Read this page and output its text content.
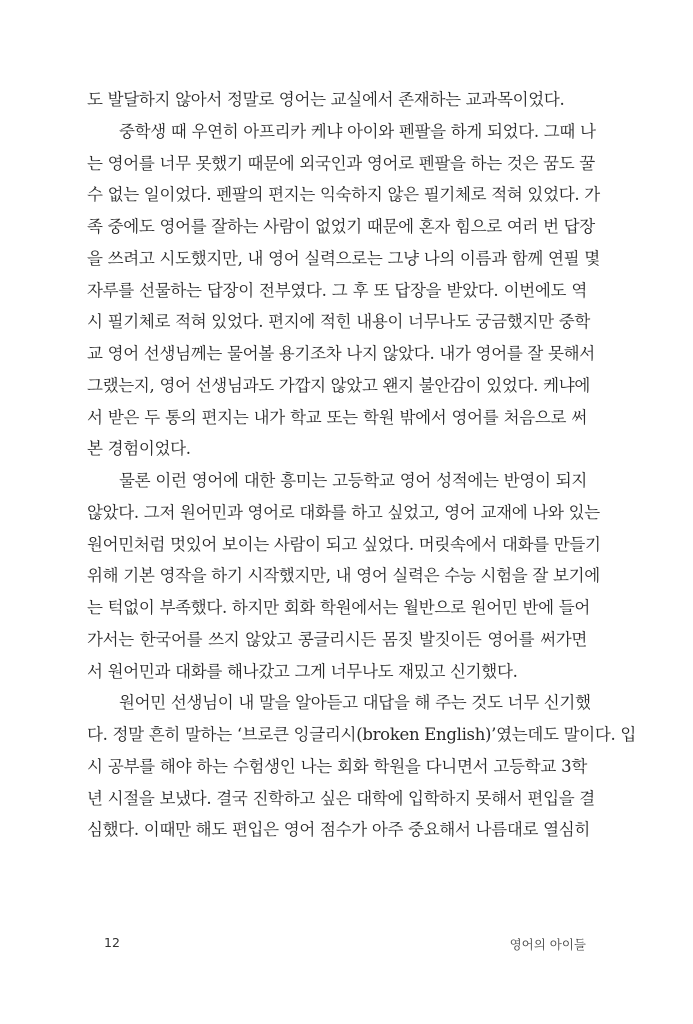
도 발달하지 않아서 정말로 영어는 교실에서 존재하는 교과목이었다.
중학생 때 우연히 아프리카 케냐 아이와 펜팔을 하게 되었다. 그때 나
는 영어를 너무 못했기 때문에 외국인과 영어로 펜팔을 하는 것은 꿈도 꿀
수 없는 일이었다. 펜팔의 편지는 익숙하지 않은 필기체로 적혀 있었다. 가
족 중에도 영어를 잘하는 사람이 없었기 때문에 혼자 힘으로 여러 번 답장
을 쓰려고 시도했지만, 내 영어 실력으로는 그냥 나의 이름과 함께 연필 몇
자루를 선물하는 답장이 전부였다. 그 후 또 답장을 받았다. 이번에도 역
시 필기체로 적혀 있었다. 편지에 적힌 내용이 너무나도 궁금했지만 중학
교 영어 선생님께는 물어볼 용기조차 나지 않았다. 내가 영어를 잘 못해서
그랬는지, 영어 선생님과도 가깝지 않았고 왠지 불안감이 있었다. 케냐에
서 받은 두 통의 편지는 내가 학교 또는 학원 밖에서 영어를 처음으로 써
본 경험이었다.
물론 이런 영어에 대한 흥미는 고등학교 영어 성적에는 반영이 되지
않았다. 그저 원어민과 영어로 대화를 하고 싶었고, 영어 교재에 나와 있는
원어민처럼 멋있어 보이는 사람이 되고 싶었다. 머릿속에서 대화를 만들기
위해 기본 영작을 하기 시작했지만, 내 영어 실력은 수능 시험을 잘 보기에
는 턱없이 부족했다. 하지만 회화 학원에서는 월반으로 원어민 반에 들어
가서는 한국어를 쓰지 않았고 콩글리시든 몸짓 발짓이든 영어를 써가면
서 원어민과 대화를 해나갔고 그게 너무나도 재밌고 신기했다.
원어민 선생님이 내 말을 알아듣고 대답을 해 주는 것도 너무 신기했
다. 정말 흔히 말하는 ‘브로큰 잉글리시(broken English)’였는데도 말이다. 입
시 공부를 해야 하는 수험생인 나는 회화 학원을 다니면서 고등학교 3학
년 시절을 보냈다. 결국 진학하고 싶은 대학에 입학하지 못해서 편입을 결
심했다. 이때만 해도 편입은 영어 점수가 아주 중요해서 나름대로 열심히
12	영어의 아이들
